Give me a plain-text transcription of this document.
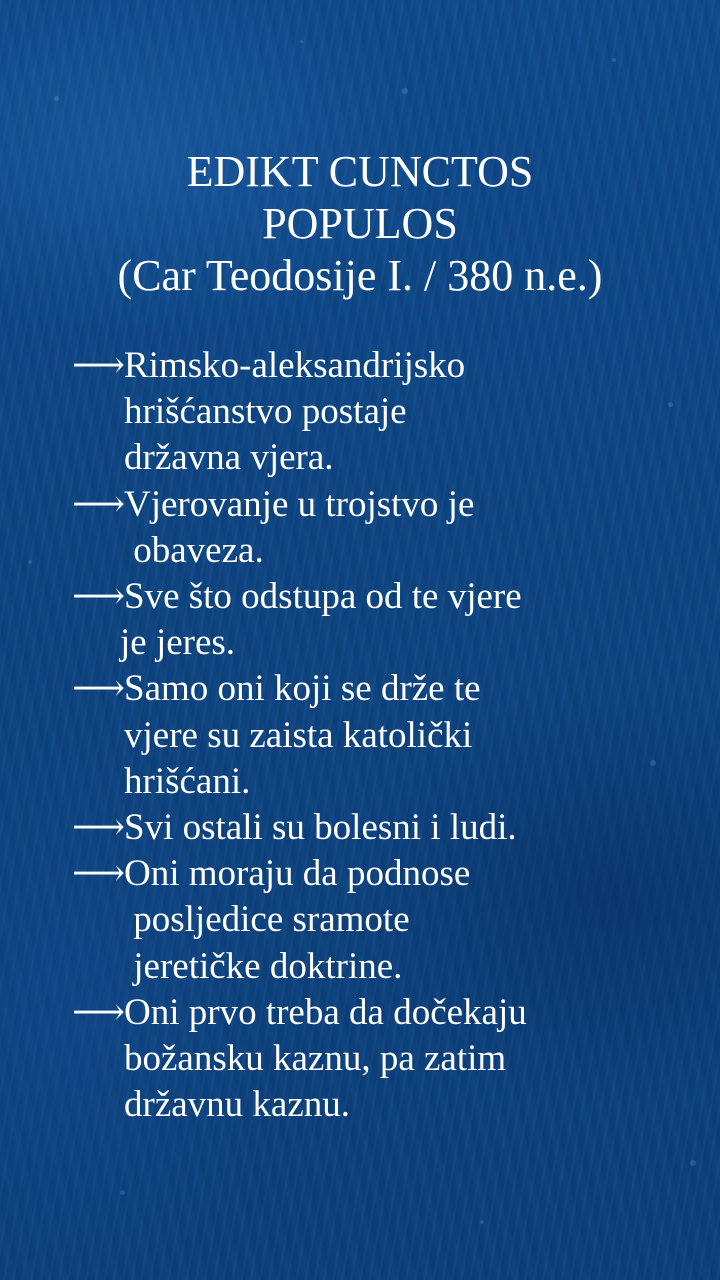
EDIKT CUNCTOS
POPULOS
(Car Teodosije I. / 380 n.e.)
⟶
Rimsko-aleksandrijsko
hrišćanstvo postaje
državna vjera.
⟶
Vjerovanje u trojstvo je
obaveza.
⟶
Sve što odstupa od te vjere
je jeres.
⟶
Samo oni koji se drže te
vjere su zaista katolički
hrišćani.
⟶
Svi ostali su bolesni i ludi.
⟶
Oni moraju da podnose
posljedice sramote
jeretičke doktrine.
⟶
Oni prvo treba da dočekaju
božansku kaznu, pa zatim
državnu kaznu.
